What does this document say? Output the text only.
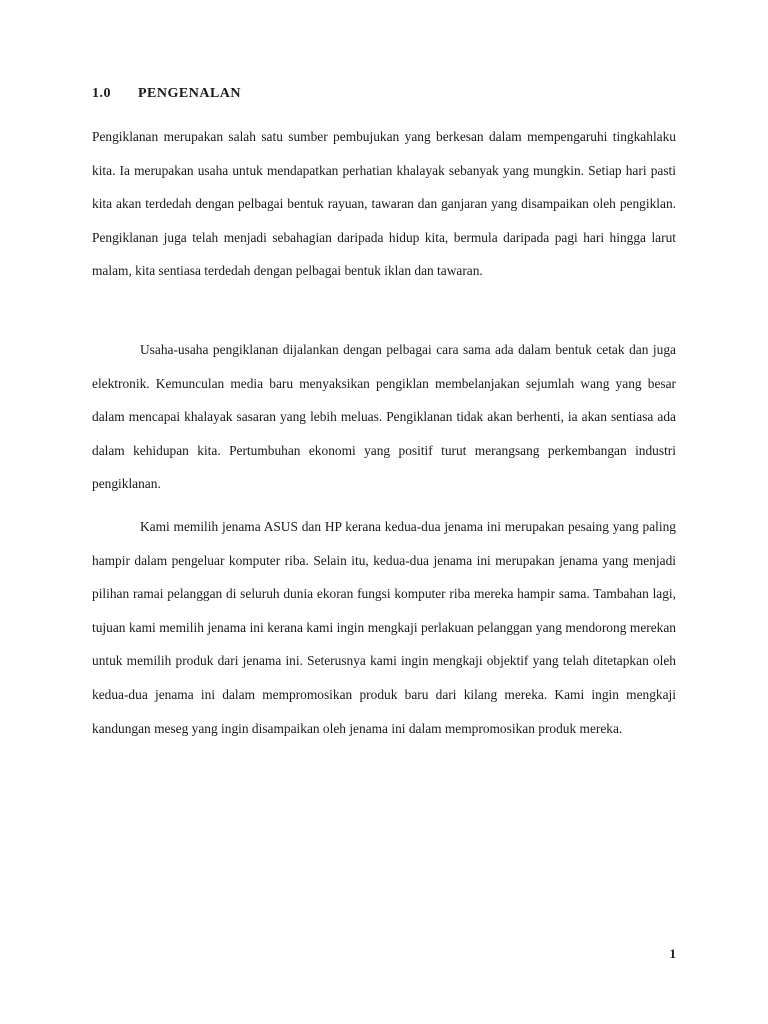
1.0 PENGENALAN

Pengiklanan merupakan salah satu sumber pembujukan yang berkesan dalam mempengaruhi tingkahlaku kita. Ia merupakan usaha untuk mendapatkan perhatian khalayak sebanyak yang mungkin. Setiap hari pasti kita akan terdedah dengan pelbagai bentuk rayuan, tawaran dan ganjaran yang disampaikan oleh pengiklan. Pengiklanan juga telah menjadi sebahagian daripada hidup kita, bermula daripada pagi hari hingga larut malam, kita sentiasa terdedah dengan pelbagai bentuk iklan dan tawaran.

Usaha-usaha pengiklanan dijalankan dengan pelbagai cara sama ada dalam bentuk cetak dan juga elektronik. Kemunculan media baru menyaksikan pengiklan membelanjakan sejumlah wang yang besar dalam mencapai khalayak sasaran yang lebih meluas. Pengiklanan tidak akan berhenti, ia akan sentiasa ada dalam kehidupan kita. Pertumbuhan ekonomi yang positif turut merangsang perkembangan industri pengiklanan.

Kami memilih jenama ASUS dan HP kerana kedua-dua jenama ini merupakan pesaing yang paling hampir dalam pengeluar komputer riba. Selain itu, kedua-dua jenama ini merupakan jenama yang menjadi pilihan ramai pelanggan di seluruh dunia ekoran fungsi komputer riba mereka hampir sama. Tambahan lagi, tujuan kami memilih jenama ini kerana kami ingin mengkaji perlakuan pelanggan yang mendorong merekan untuk memilih produk dari jenama ini. Seterusnya kami ingin mengkaji objektif yang telah ditetapkan oleh kedua-dua jenama ini dalam mempromosikan produk baru dari kilang mereka. Kami ingin mengkaji kandungan meseg yang ingin disampaikan oleh jenama ini dalam mempromosikan produk mereka.

1
